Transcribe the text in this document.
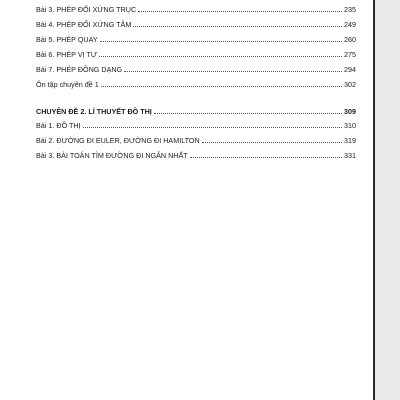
Bài 3. PHÉP ĐỐI XỨNG TRỤC	235
Bài 4. PHÉP ĐỐI XỨNG TÂM	249
Bài 5. PHÉP QUAY	260
Bài 6. PHÉP VỊ TỰ	275
Bài 7. PHÉP ĐỒNG DẠNG	294
Ôn tập chuyên đề 1	302
CHUYÊN ĐỀ 2. LÍ THUYẾT ĐỒ THỊ	309
Bài 1. ĐỒ THỊ	310
Bài 2. ĐƯỜNG ĐI EULER, ĐƯỜNG ĐI HAMILTON	319
Bài 3. BÀI TOÁN TÌM ĐƯỜNG ĐI NGẮN NHẤT	331
